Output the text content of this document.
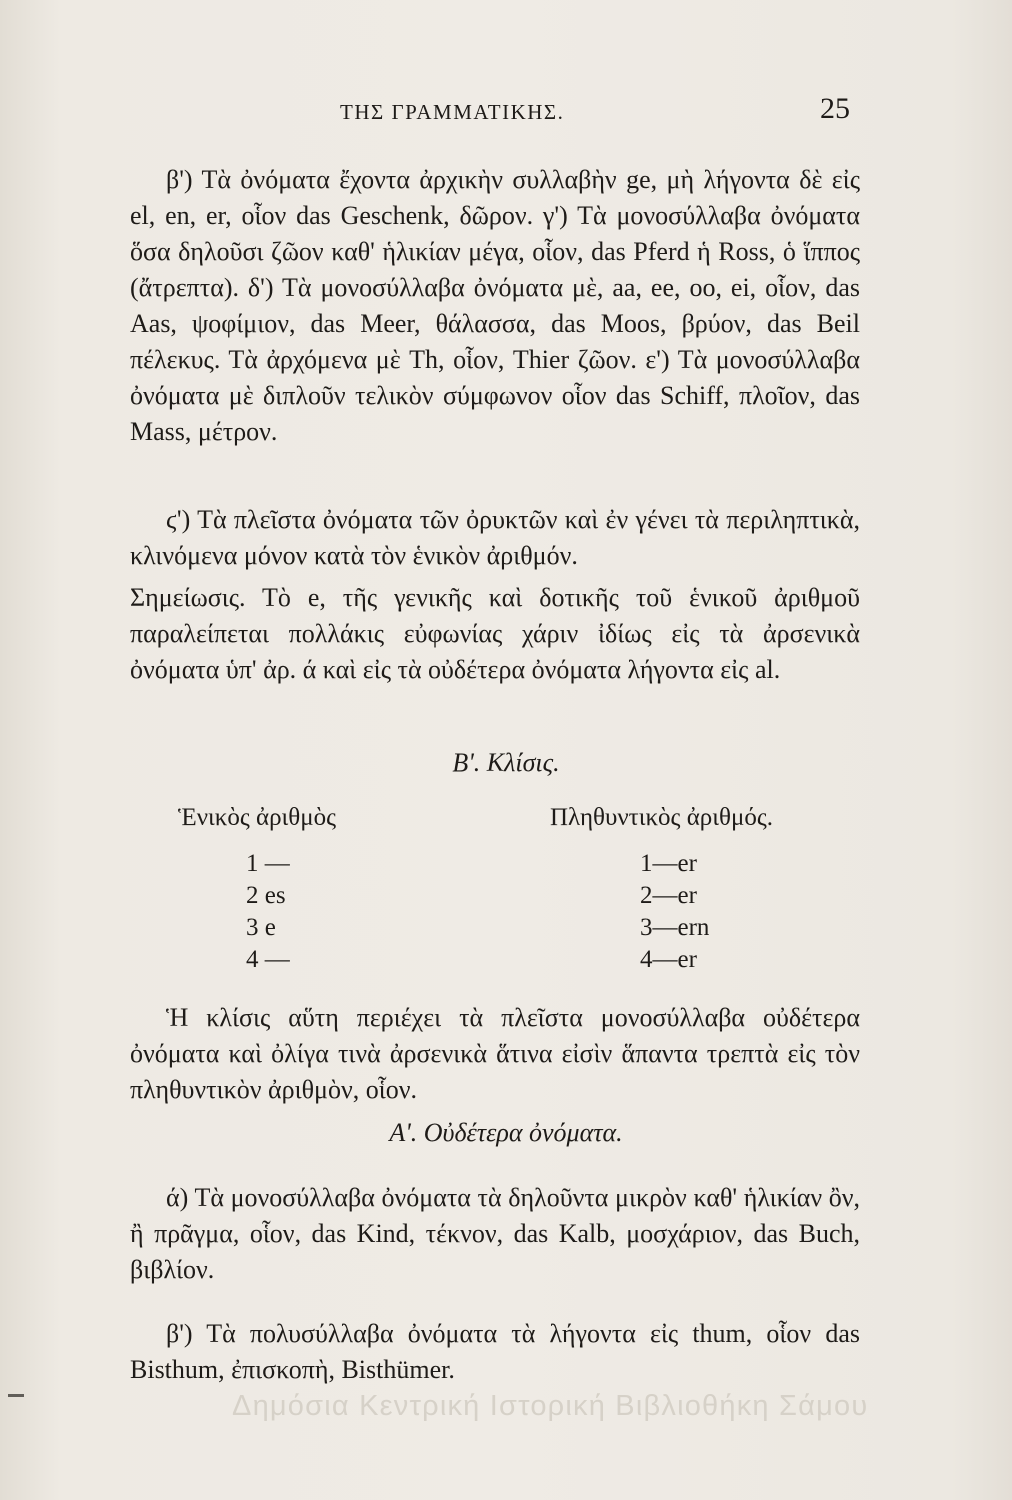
ΤΗΣ ΓΡΑΜΜΑΤΙΚΗΣ.	25
β') Τὰ ὀνόματα ἔχοντα ἀρχικὴν συλλαβὴν ge, μὴ λήγοντα δὲ εἰς el, en, er, οἷον das Geschenk, δῶρον. γ') Τὰ μονοσύλλαβα ὀνόματα ὅσα δηλοῦσι ζῶον καθ' ἡλικίαν μέγα, οἷον, das Pferd ἡ Ross, ὁ ἵππος (ἄτρεπτα). δ') Τὰ μονοσύλλαβα ὀνόματα μὲ, aa, ee, oo, ei, οἷον, das Aas, ψοφίμιον, das Meer, θάλασσα, das Moos, βρύον, das Beil πέλεκυς. Τὰ ἀρχόμενα μὲ Th, οἷον, Thier ζῶον. ε') Τὰ μονοσύλλαβα ὀνόματα μὲ διπλοῦν τελικὸν σύμφωνον οἷον das Schiff, πλοῖον, das Mass, μέτρον.
ϛ') Τὰ πλεῖστα ὀνόματα τῶν ὀρυκτῶν καὶ ἐν γένει τὰ περιληπτικὰ, κλινόμενα μόνον κατὰ τὸν ἑνικὸν ἀριθμόν.
Σημείωσις. Τὸ e, τῆς γενικῆς καὶ δοτικῆς τοῦ ἑνικοῦ ἀριθμοῦ παραλείπεται πολλάκις εὐφωνίας χάριν ἰδίως εἰς τὰ ἀρσενικὰ ὀνόματα ὑπ' ἀρ. ά καὶ εἰς τὰ οὐδέτερα ὀνόματα λήγοντα εἰς al.
Β'. Κλίσις.
Ἑνικὸς ἀριθμὸς	Πληθυντικὸς ἀριθμός.
1 —
2 es
3 e
4 —
1—er
2—er
3—ern
4—er
Ἡ κλίσις αὕτη περιέχει τὰ πλεῖστα μονοσύλλαβα οὐδέτερα ὀνόματα καὶ ὀλίγα τινὰ ἀρσενικὰ ἅτινα εἰσὶν ἅπαντα τρεπτὰ εἰς τὸν πληθυντικὸν ἀριθμὸν, οἷον.
Α'. Οὐδέτερα ὀνόματα.
ά) Τὰ μονοσύλλαβα ὀνόματα τὰ δηλοῦντα μικρὸν καθ' ἡλικίαν ὂν, ἢ πρᾶγμα, οἷον, das Kind, τέκνον, das Kalb, μοσχάριον, das Buch, βιβλίον.
β') Τὰ πολυσύλλαβα ὀνόματα τὰ λήγοντα εἰς thum, οἷον das Bisthum, ἐπισκοπὴ, Bisthümer.
Δημόσια Κεντρική Ιστορική Βιβλιοθήκη Σάμου
